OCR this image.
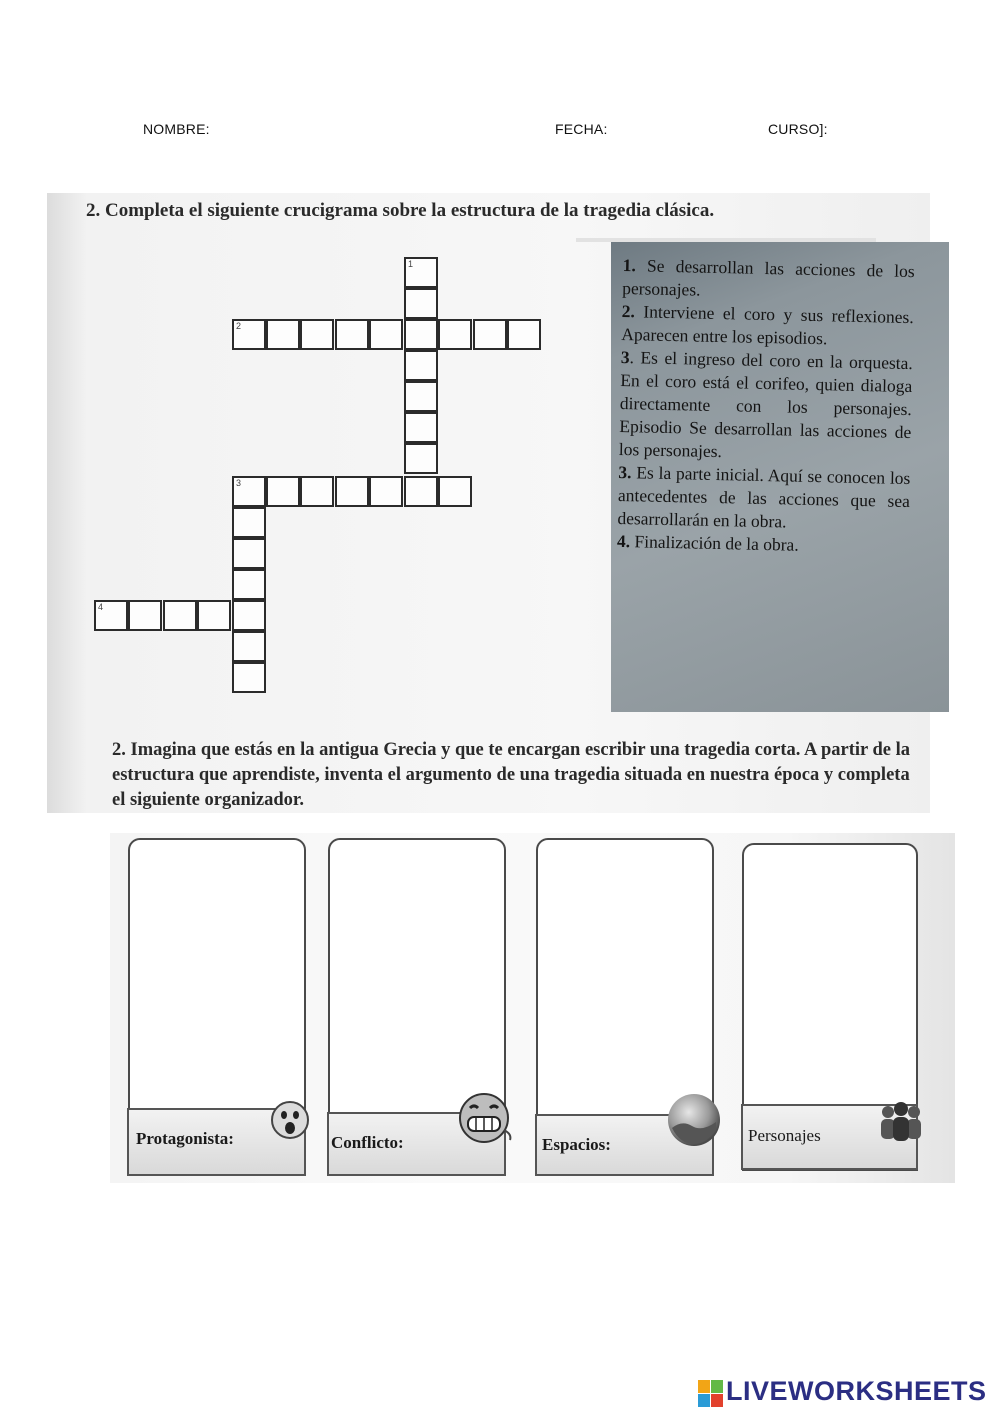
NOMBRE:	FECHA:	CURSO]:
2. Completa el siguiente crucigrama sobre la estructura de la tragedia clásica.
1
2
3
4

1. Se desarrollan las acciones de los personajes.

2. Interviene el coro y sus reflexiones. Aparecen entre los episodios.

3. Es el ingreso del coro en la orquesta. En el coro está el corifeo, quien dialoga directamente con los personajes. Episodio Se desarrollan las acciones de los personajes.

3. Es la parte inicial. Aquí se conocen los antecedentes de las acciones que sea desarrollarán en la obra.

4. Finalización de la obra.

2. Imagina que estás en la antigua Grecia y que te encargan escribir una tragedia corta. A partir de la estructura que aprendiste, inventa el argumento de una tragedia situada en nuestra época y completa el siguiente organizador.
Protagonista:	Conflicto:	Espacios:	Personajes
LIVEWORKSHEETS
